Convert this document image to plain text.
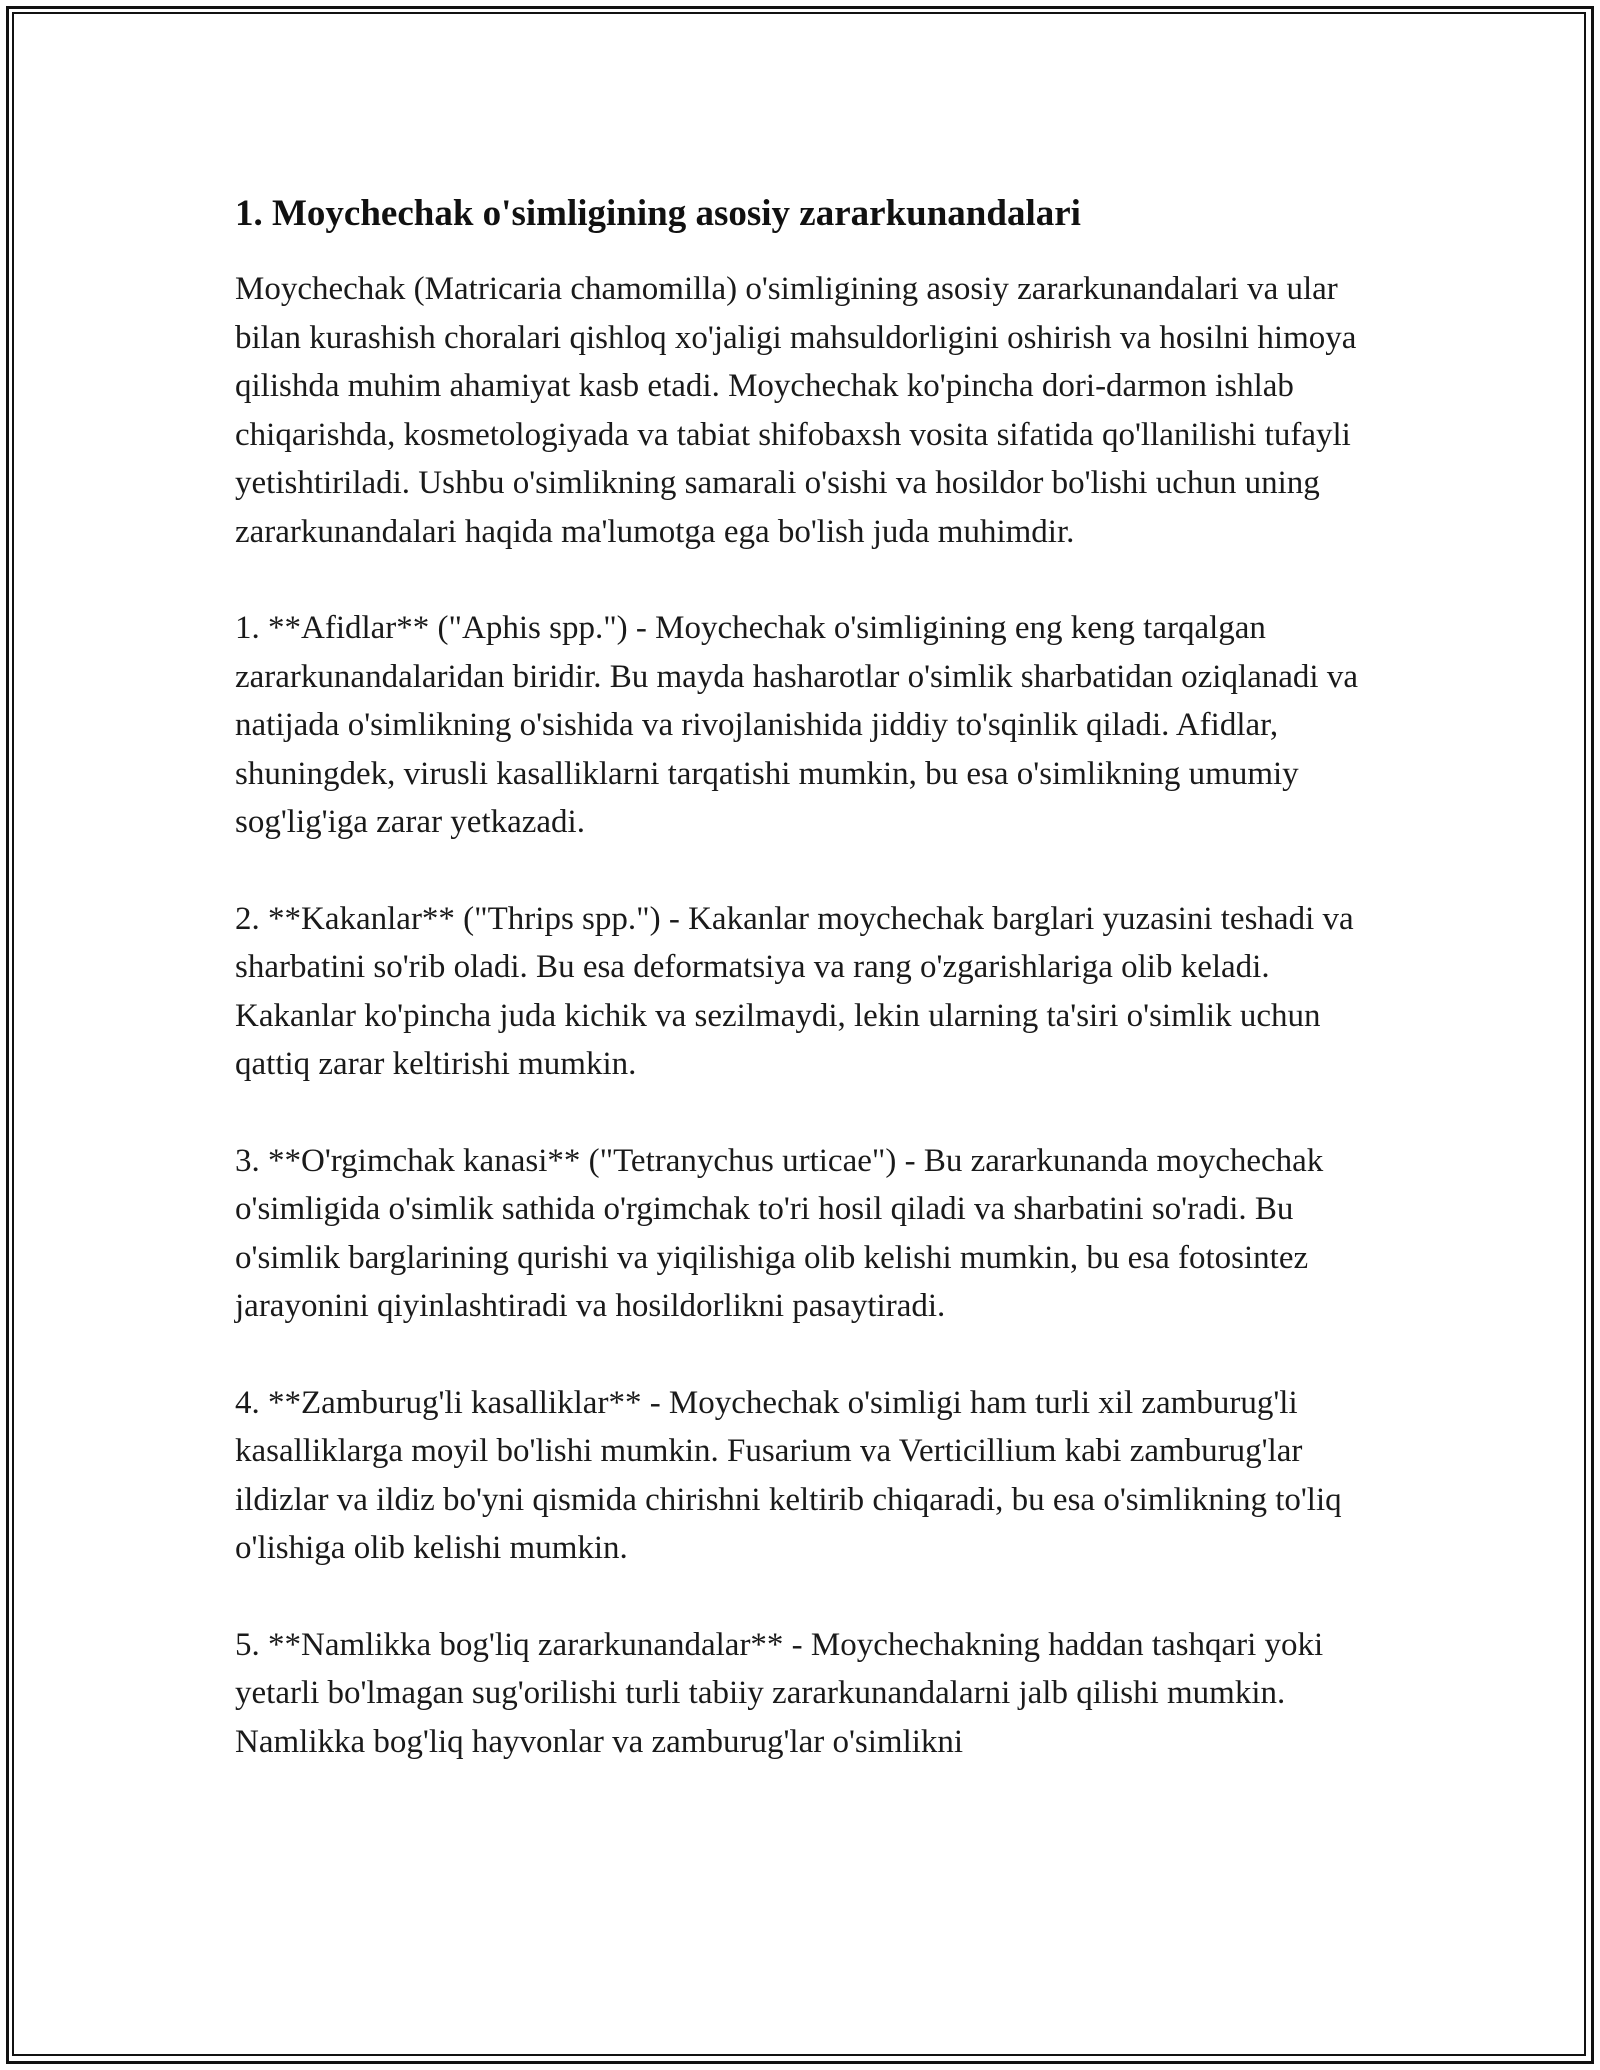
1. Moychechak o'simligining asosiy zararkunandalari

Moychechak (Matricaria chamomilla) o'simligining asosiy zararkunandalari va ular bilan kurashish choralari qishloq xo'jaligi mahsuldorligini oshirish va hosilni himoya qilishda muhim ahamiyat kasb etadi. Moychechak ko'pincha dori-darmon ishlab chiqarishda, kosmetologiyada va tabiat shifobaxsh vosita sifatida qo'llanilishi tufayli yetishtiriladi. Ushbu o'simlikning samarali o'sishi va hosildor bo'lishi uchun uning zararkunandalari haqida ma'lumotga ega bo'lish juda muhimdir.

1. **Afidlar** ("Aphis spp.") - Moychechak o'simligining eng keng tarqalgan zararkunandalaridan biridir. Bu mayda hasharotlar o'simlik sharbatidan oziqlanadi va natijada o'simlikning o'sishida va rivojlanishida jiddiy to'sqinlik qiladi. Afidlar, shuningdek, virusli kasalliklarni tarqatishi mumkin, bu esa o'simlikning umumiy sog'lig'iga zarar yetkazadi.

2. **Kakanlar** ("Thrips spp.") - Kakanlar moychechak barglari yuzasini teshadi va sharbatini so'rib oladi. Bu esa deformatsiya va rang o'zgarishlariga olib keladi. Kakanlar ko'pincha juda kichik va sezilmaydi, lekin ularning ta'siri o'simlik uchun qattiq zarar keltirishi mumkin.

3. **O'rgimchak kanasi** ("Tetranychus urticae") - Bu zararkunanda moychechak o'simligida o'simlik sathida o'rgimchak to'ri hosil qiladi va sharbatini so'radi. Bu o'simlik barglarining qurishi va yiqilishiga olib kelishi mumkin, bu esa fotosintez jarayonini qiyinlashtiradi va hosildorlikni pasaytiradi.

4. **Zamburug'li kasalliklar** - Moychechak o'simligi ham turli xil zamburug'li kasalliklarga moyil bo'lishi mumkin. Fusarium va Verticillium kabi zamburug'lar ildizlar va ildiz bo'yni qismida chirishni keltirib chiqaradi, bu esa o'simlikning to'liq o'lishiga olib kelishi mumkin.

5. **Namlikka bog'liq zararkunandalar** - Moychechakning haddan tashqari yoki yetarli bo'lmagan sug'orilishi turli tabiiy zararkunandalarni jalb qilishi mumkin. Namlikka bog'liq hayvonlar va zamburug'lar o'simlikni
